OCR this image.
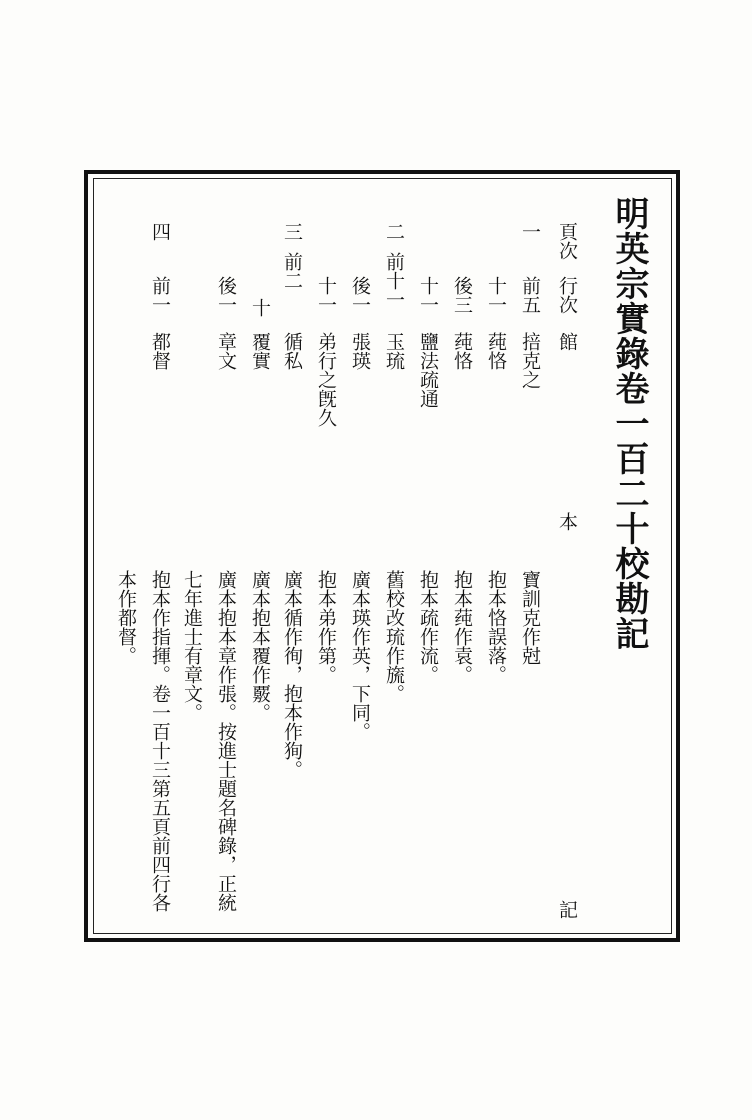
明英宗實錄卷一百二十校勘記
頁次
行次
館
本
記
一
前五
掊克之
寶訓克作尅
十一
莼恪
抱本恪誤落。
後三
莼恪
抱本莼作袁。
十一
鹽法疏通
抱本疏作流。
二
前十一
玉琉
舊校改琉作旒。
後一
張瑛
廣本瑛作英，下同。
十一
弟行之旣久
抱本弟作第。
三
前二
循私
廣本循作徇，抱本作狥。
十
覆實
廣本抱本覆作覈。
後一
章文
廣本抱本章作張。按進士題名碑錄，正統
七年進士有章文。
四
前一
都督
抱本作指揮。卷一百十三第五頁前四行各
本作都督。
